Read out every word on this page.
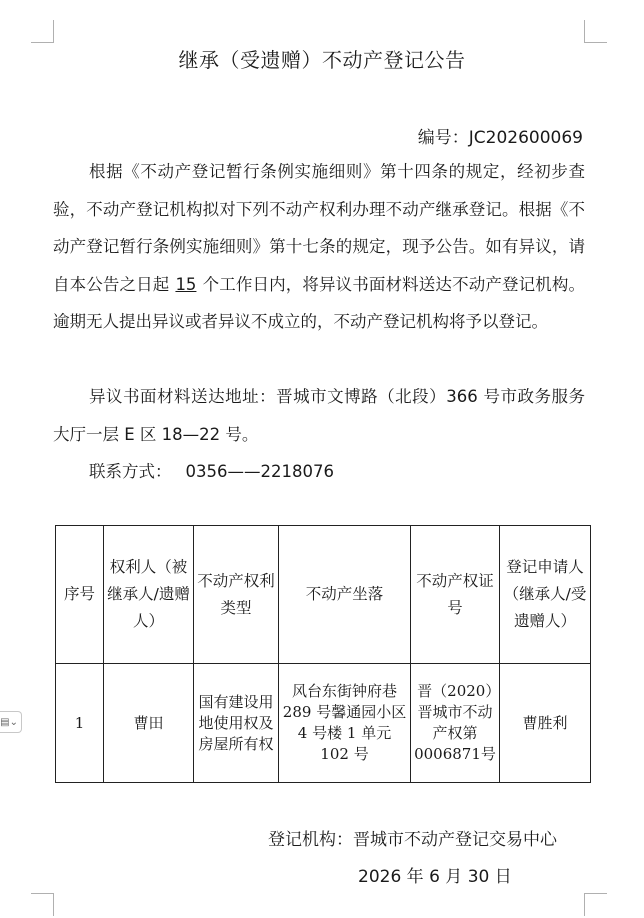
继承（受遗赠）不动产登记公告
编号：JC202600069
根据《不动产登记暂行条例实施细则》第十四条的规定，经初步查验，不动产登记机构拟对下列不动产权利办理不动产继承登记。根据《不动产登记暂行条例实施细则》第十七条的规定，现予公告。如有异议，请自本公告之日起 15 个工作日内，将异议书面材料送达不动产登记机构。逾期无人提出异议或者异议不成立的，不动产登记机构将予以登记。
异议书面材料送达地址：晋城市文博路（北段）366 号市政务服务大厅一层 E 区 18—22 号。
联系方式： 0356——2218076
序号	权利人（被继承人/遗赠人）	不动产权利类型	不动产坐落	不动产权证号	登记申请人（继承人/受遗赠人）
1	曹田	国有建设用地使用权及房屋所有权	风台东街钟府巷289 号馨通园小区 4 号楼 1 单元 102 号	晋（2020）晋城市不动产权第0006871号	曹胜利
▤⌄
登记机构：晋城市不动产登记交易中心
2026 年 6 月 30 日
